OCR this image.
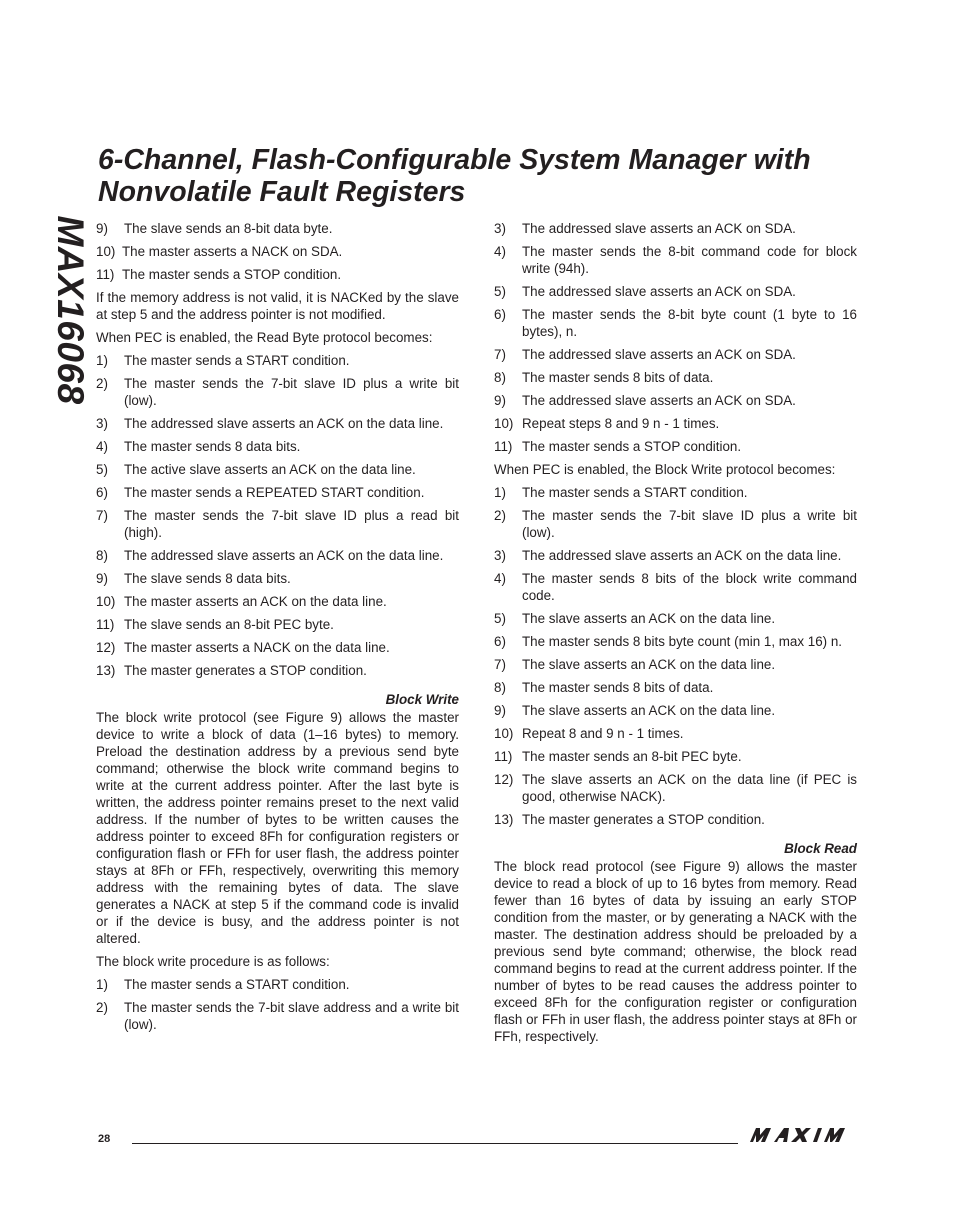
MAX16068
6-Channel, Flash-Configurable System Manager with Nonvolatile Fault Registers
9)	The slave sends an 8-bit data byte.
10) The master asserts a NACK on SDA.
11) The master sends a STOP condition.

If the memory address is not valid, it is NACKed by the slave at step 5 and the address pointer is not modified.

When PEC is enabled, the Read Byte protocol becomes:

1)	The master sends a START condition.
2)	The master sends the 7-bit slave ID plus a write bit (low).
3)	The addressed slave asserts an ACK on the data line.
4)	The master sends 8 data bits.
5)	The active slave asserts an ACK on the data line.
6)	The master sends a REPEATED START condition.
7)	The master sends the 7-bit slave ID plus a read bit (high).
8)	The addressed slave asserts an ACK on the data line.
9)	The slave sends 8 data bits.
10) The master asserts an ACK on the data line.
11) The slave sends an 8-bit PEC byte.
12) The master asserts a NACK on the data line.
13) The master generates a STOP condition.
Block Write

The block write protocol (see Figure 9) allows the master device to write a block of data (1–16 bytes) to memory. Preload the destination address by a previous send byte command; otherwise the block write command begins to write at the current address pointer. After the last byte is written, the address pointer remains preset to the next valid address. If the number of bytes to be written causes the address pointer to exceed 8Fh for configuration registers or configuration flash or FFh for user flash, the address pointer stays at 8Fh or FFh, respectively, overwriting this memory address with the remaining bytes of data. The slave generates a NACK at step 5 if the command code is invalid or if the device is busy, and the address pointer is not altered.

The block write procedure is as follows:

1)	The master sends a START condition.
2)	The master sends the 7-bit slave address and a write bit (low).
3)	The addressed slave asserts an ACK on SDA.
4)	The master sends the 8-bit command code for block write (94h).
5)	The addressed slave asserts an ACK on SDA.
6)	The master sends the 8-bit byte count (1 byte to 16 bytes), n.
7)	The addressed slave asserts an ACK on SDA.
8)	The master sends 8 bits of data.
9)	The addressed slave asserts an ACK on SDA.
10) Repeat steps 8 and 9 n - 1 times.
11) The master sends a STOP condition.

When PEC is enabled, the Block Write protocol becomes:

1)	The master sends a START condition.
2)	The master sends the 7-bit slave ID plus a write bit (low).
3)	The addressed slave asserts an ACK on the data line.
4)	The master sends 8 bits of the block write command code.
5)	The slave asserts an ACK on the data line.
6)	The master sends 8 bits byte count (min 1, max 16) n.
7)	The slave asserts an ACK on the data line.
8)	The master sends 8 bits of data.
9)	The slave asserts an ACK on the data line.
10) Repeat 8 and 9 n - 1 times.
11) The master sends an 8-bit PEC byte.
12) The slave asserts an ACK on the data line (if PEC is good, otherwise NACK).
13) The master generates a STOP condition.
Block Read

The block read protocol (see Figure 9) allows the master device to read a block of up to 16 bytes from memory. Read fewer than 16 bytes of data by issuing an early STOP condition from the master, or by generating a NACK with the master. The destination address should be preloaded by a previous send byte command; otherwise, the block read command begins to read at the current address pointer. If the number of bytes to be read causes the address pointer to exceed 8Fh for the configuration register or configuration flash or FFh in user flash, the address pointer stays at 8Fh or FFh, respectively.

28
